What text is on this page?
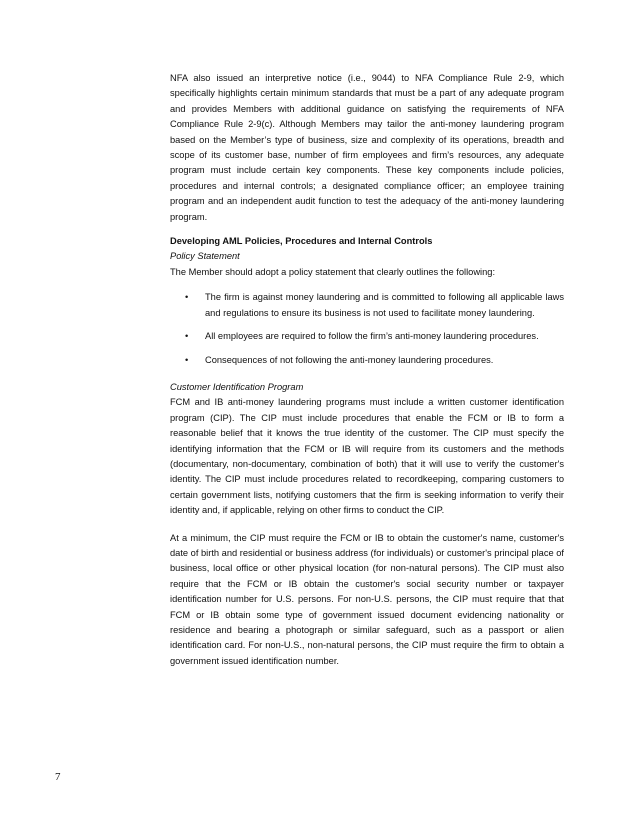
NFA also issued an interpretive notice (i.e., 9044) to NFA Compliance Rule 2-9, which specifically highlights certain minimum standards that must be a part of any adequate program and provides Members with additional guidance on satisfying the requirements of NFA Compliance Rule 2-9(c). Although Members may tailor the anti-money laundering program based on the Member’s type of business, size and complexity of its operations, breadth and scope of its customer base, number of firm employees and firm’s resources, any adequate program must include certain key components. These key components include policies, procedures and internal controls; a designated compliance officer; an employee training program and an independent audit function to test the adequacy of the anti-money laundering program.

Developing AML Policies, Procedures and Internal Controls

Policy Statement

The Member should adopt a policy statement that clearly outlines the following:

• The firm is against money laundering and is committed to following all applicable laws and regulations to ensure its business is not used to facilitate money laundering.
• All employees are required to follow the firm’s anti-money laundering procedures.
• Consequences of not following the anti-money laundering procedures.

Customer Identification Program

FCM and IB anti-money laundering programs must include a written customer identification program (CIP). The CIP must include procedures that enable the FCM or IB to form a reasonable belief that it knows the true identity of the customer. The CIP must specify the identifying information that the FCM or IB will require from its customers and the methods (documentary, non-documentary, combination of both) that it will use to verify the customer's identity. The CIP must include procedures related to recordkeeping, comparing customers to certain government lists, notifying customers that the firm is seeking information to verify their identity and, if applicable, relying on other firms to conduct the CIP.

At a minimum, the CIP must require the FCM or IB to obtain the customer's name, customer's date of birth and residential or business address (for individuals) or customer's principal place of business, local office or other physical location (for non-natural persons). The CIP must also require that the FCM or IB obtain the customer's social security number or taxpayer identification number for U.S. persons. For non-U.S. persons, the CIP must require that that FCM or IB obtain some type of government issued document evidencing nationality or residence and bearing a photograph or similar safeguard, such as a passport or alien identification card. For non-U.S., non-natural persons, the CIP must require the firm to obtain a government issued identification number.

7
